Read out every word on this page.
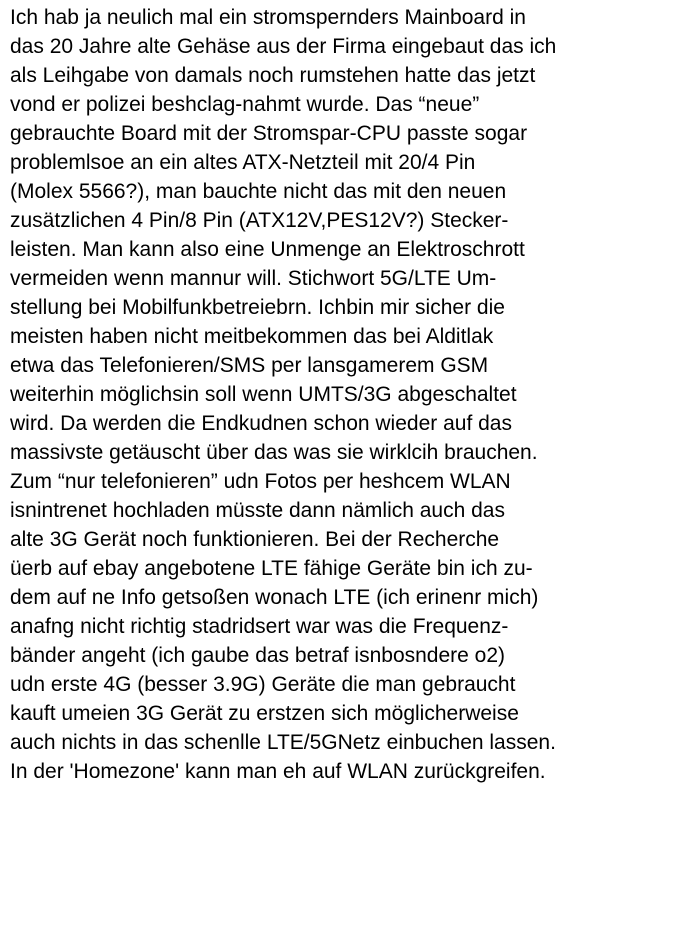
Ich hab ja neulich mal ein stromspernders Mainboard in
das 20 Jahre alte Gehäse aus der Firma eingebaut das ich
als Leihgabe von damals noch rumstehen hatte das jetzt
vond er polizei beshclag-nahmt wurde. Das “neue”
gebrauchte Board mit der Stromspar-CPU passte sogar
problemlsoe an ein altes ATX-Netzteil mit 20/4 Pin
(Molex 5566?), man bauchte nicht das mit den neuen
zusätzlichen 4 Pin/8 Pin (ATX12V,PES12V?) Stecker-
leisten. Man kann also eine Unmenge an Elektroschrott
vermeiden wenn mannur will. Stichwort 5G/LTE Um-
stellung bei Mobilfunkbetreiebrn. Ichbin mir sicher die
meisten haben nicht meitbekommen das bei Alditlak
etwa das Telefonieren/SMS per lansgamerem GSM
weiterhin möglichsin soll wenn UMTS/3G abgeschaltet
wird. Da werden die Endkudnen schon wieder auf das
massivste getäuscht über das was sie wirklcih brauchen.
Zum “nur telefonieren” udn Fotos per heshcem WLAN
isnintrenet hochladen müsste dann nämlich auch das
alte 3G Gerät noch funktionieren. Bei der Recherche
üerb auf ebay angebotene LTE fähige Geräte bin ich zu-
dem auf ne Info getsoßen wonach LTE (ich erinenr mich)
anafng nicht richtig stadridsert war was die Frequenz-
bänder angeht (ich gaube das betraf isnbosndere o2)
udn erste 4G (besser 3.9G) Geräte die man gebraucht
kauft umeien 3G Gerät zu erstzen sich möglicherweise
auch nichts in das schenlle LTE/5GNetz einbuchen lassen.
In der 'Homezone' kann man eh auf WLAN zurückgreifen.
